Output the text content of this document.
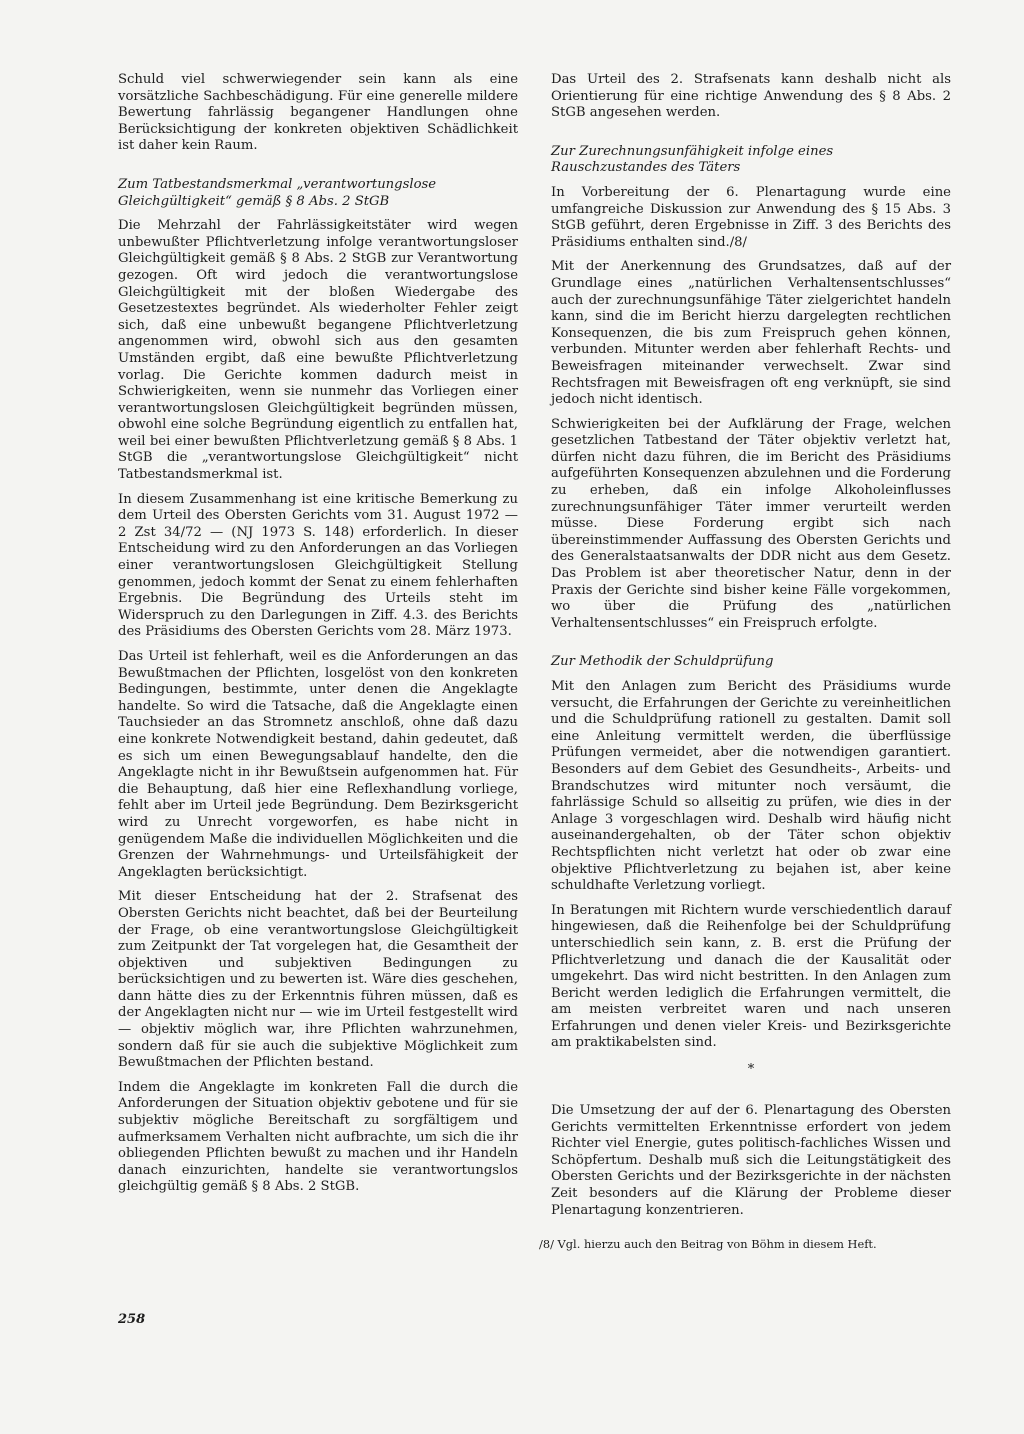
Schuld viel schwerwiegender sein kann als eine vorsätzliche Sachbeschädigung. Für eine generelle mildere Bewertung fahrlässig begangener Handlungen ohne Berücksichtigung der konkreten objektiven Schädlichkeit ist daher kein Raum.

Zum Tatbestandsmerkmal „verantwortungslose Gleichgültigkeit“ gemäß § 8 Abs. 2 StGB

Die Mehrzahl der Fahrlässigkeitstäter wird wegen unbewußter Pflichtverletzung infolge verantwortungsloser Gleichgültigkeit gemäß § 8 Abs. 2 StGB zur Verantwortung gezogen. Oft wird jedoch die verantwortungslose Gleichgültigkeit mit der bloßen Wiedergabe des Gesetzestextes begründet. Als wiederholter Fehler zeigt sich, daß eine unbewußt begangene Pflichtverletzung angenommen wird, obwohl sich aus den gesamten Umständen ergibt, daß eine bewußte Pflichtverletzung vorlag. Die Gerichte kommen dadurch meist in Schwierigkeiten, wenn sie nunmehr das Vorliegen einer verantwortungslosen Gleichgültigkeit begründen müssen, obwohl eine solche Begründung eigentlich zu entfallen hat, weil bei einer bewußten Pflichtverletzung gemäß § 8 Abs. 1 StGB die „verantwortungslose Gleichgültigkeit“ nicht Tatbestandsmerkmal ist.

In diesem Zusammenhang ist eine kritische Bemerkung zu dem Urteil des Obersten Gerichts vom 31. August 1972 — 2 Zst 34/72 — (NJ 1973 S. 148) erforderlich. In dieser Entscheidung wird zu den Anforderungen an das Vorliegen einer verantwortungslosen Gleichgültigkeit Stellung genommen, jedoch kommt der Senat zu einem fehlerhaften Ergebnis. Die Begründung des Urteils steht im Widerspruch zu den Darlegungen in Ziff. 4.3. des Berichts des Präsidiums des Obersten Gerichts vom 28. März 1973.

Das Urteil ist fehlerhaft, weil es die Anforderungen an das Bewußtmachen der Pflichten, losgelöst von den konkreten Bedingungen, bestimmte, unter denen die Angeklagte handelte. So wird die Tatsache, daß die Angeklagte einen Tauchsieder an das Stromnetz anschloß, ohne daß dazu eine konkrete Notwendigkeit bestand, dahin gedeutet, daß es sich um einen Bewegungsablauf handelte, den die Angeklagte nicht in ihr Bewußtsein aufgenommen hat. Für die Behauptung, daß hier eine Reflexhandlung vorliege, fehlt aber im Urteil jede Begründung. Dem Bezirksgericht wird zu Unrecht vorgeworfen, es habe nicht in genügendem Maße die individuellen Möglichkeiten und die Grenzen der Wahrnehmungs- und Urteilsfähigkeit der Angeklagten berücksichtigt.

Mit dieser Entscheidung hat der 2. Strafsenat des Obersten Gerichts nicht beachtet, daß bei der Beurteilung der Frage, ob eine verantwortungslose Gleichgültigkeit zum Zeitpunkt der Tat vorgelegen hat, die Gesamtheit der objektiven und subjektiven Bedingungen zu berücksichtigen und zu bewerten ist. Wäre dies geschehen, dann hätte dies zu der Erkenntnis führen müssen, daß es der Angeklagten nicht nur — wie im Urteil festgestellt wird — objektiv möglich war, ihre Pflichten wahrzunehmen, sondern daß für sie auch die subjektive Möglichkeit zum Bewußtmachen der Pflichten bestand.

Indem die Angeklagte im konkreten Fall die durch die Anforderungen der Situation objektiv gebotene und für sie subjektiv mögliche Bereitschaft zu sorgfältigem und aufmerksamem Verhalten nicht aufbrachte, um sich die ihr obliegenden Pflichten bewußt zu machen und ihr Handeln danach einzurichten, handelte sie verantwortungslos gleichgültig gemäß § 8 Abs. 2 StGB.

Das Urteil des 2. Strafsenats kann deshalb nicht als Orientierung für eine richtige Anwendung des § 8 Abs. 2 StGB angesehen werden.

Zur Zurechnungsunfähigkeit infolge eines Rauschzustandes des Täters

In Vorbereitung der 6. Plenartagung wurde eine umfangreiche Diskussion zur Anwendung des § 15 Abs. 3 StGB geführt, deren Ergebnisse in Ziff. 3 des Berichts des Präsidiums enthalten sind./8/

Mit der Anerkennung des Grundsatzes, daß auf der Grundlage eines „natürlichen Verhaltensentschlusses“ auch der zurechnungsunfähige Täter zielgerichtet handeln kann, sind die im Bericht hierzu dargelegten rechtlichen Konsequenzen, die bis zum Freispruch gehen können, verbunden. Mitunter werden aber fehlerhaft Rechts- und Beweisfragen miteinander verwechselt. Zwar sind Rechtsfragen mit Beweisfragen oft eng verknüpft, sie sind jedoch nicht identisch.

Schwierigkeiten bei der Aufklärung der Frage, welchen gesetzlichen Tatbestand der Täter objektiv verletzt hat, dürfen nicht dazu führen, die im Bericht des Präsidiums aufgeführten Konsequenzen abzulehnen und die Forderung zu erheben, daß ein infolge Alkoholeinflusses zurechnungsunfähiger Täter immer verurteilt werden müsse. Diese Forderung ergibt sich nach übereinstimmender Auffassung des Obersten Gerichts und des Generalstaatsanwalts der DDR nicht aus dem Gesetz. Das Problem ist aber theoretischer Natur, denn in der Praxis der Gerichte sind bisher keine Fälle vorgekommen, wo über die Prüfung des „natürlichen Verhaltensentschlusses“ ein Freispruch erfolgte.

Zur Methodik der Schuldprüfung

Mit den Anlagen zum Bericht des Präsidiums wurde versucht, die Erfahrungen der Gerichte zu vereinheitlichen und die Schuldprüfung rationell zu gestalten. Damit soll eine Anleitung vermittelt werden, die überflüssige Prüfungen vermeidet, aber die notwendigen garantiert. Besonders auf dem Gebiet des Gesundheits-, Arbeits- und Brandschutzes wird mitunter noch versäumt, die fahrlässige Schuld so allseitig zu prüfen, wie dies in der Anlage 3 vorgeschlagen wird. Deshalb wird häufig nicht auseinandergehalten, ob der Täter schon objektiv Rechtspflichten nicht verletzt hat oder ob zwar eine objektive Pflichtverletzung zu bejahen ist, aber keine schuldhafte Verletzung vorliegt.

In Beratungen mit Richtern wurde verschiedentlich darauf hingewiesen, daß die Reihenfolge bei der Schuldprüfung unterschiedlich sein kann, z. B. erst die Prüfung der Pflichtverletzung und danach die der Kausalität oder umgekehrt. Das wird nicht bestritten. In den Anlagen zum Bericht werden lediglich die Erfahrungen vermittelt, die am meisten verbreitet waren und nach unseren Erfahrungen und denen vieler Kreis- und Bezirksgerichte am praktikabelsten sind.

*

Die Umsetzung der auf der 6. Plenartagung des Obersten Gerichts vermittelten Erkenntnisse erfordert von jedem Richter viel Energie, gutes politisch-fachliches Wissen und Schöpfertum. Deshalb muß sich die Leitungstätigkeit des Obersten Gerichts und der Bezirksgerichte in der nächsten Zeit besonders auf die Klärung der Probleme dieser Plenartagung konzentrieren.

/8/ Vgl. hierzu auch den Beitrag von Böhm in diesem Heft.

258
